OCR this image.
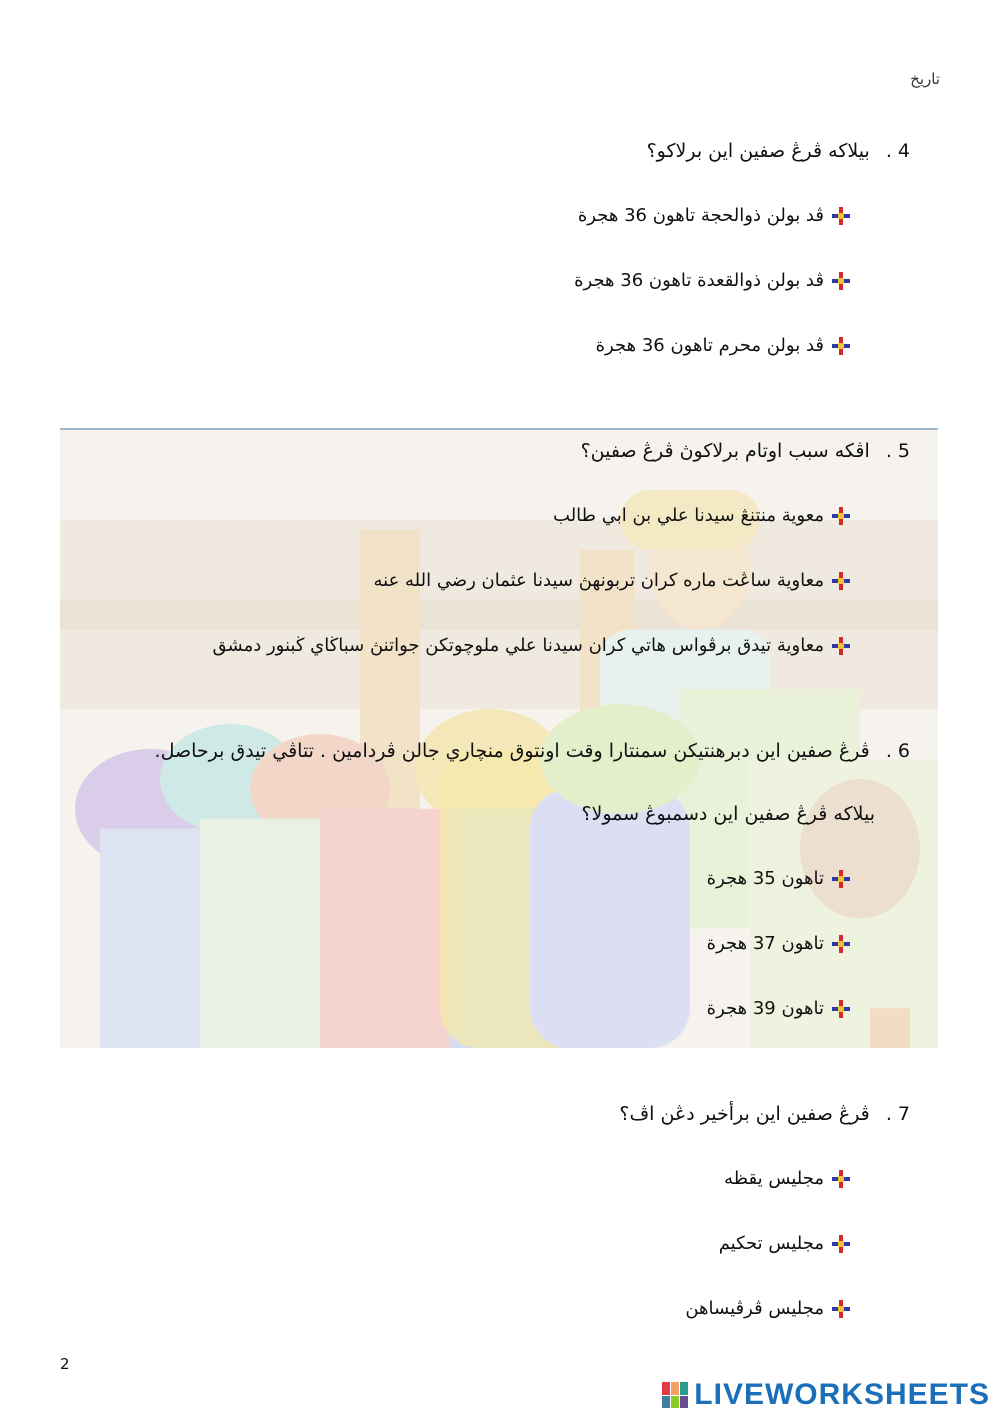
تاريخ
4 . بيلاكه ڤرڠ صفين اين برلاكو؟
ڤد بولن ذوالحجة تاهون 36 هجرة
ڤد بولن ذوالقعدة تاهون 36 هجرة
ڤد بولن محرم تاهون 36 هجرة
5 . اڤكه سبب اوتام برلاكوڽ ڤرڠ صفين؟
معوية منتنڠ سيدنا علي بن ابي طالب
معاوية ساڠت ماره كران تربونهڽ سيدنا عثمان رضي الله عنه
معاوية تيدق برڤواس هاتي كران سيدنا علي ملوچوتكن جواتنڽ سباڬاي ڬبنور دمشق
6 . ڤرڠ صفين اين دبرهنتيكن سمنتارا وقت اونتوق منچاري جالن ڤردامين . تتاڤي تيدق برحاصل.
بيلاكه ڤرڠ صفين اين دسمبوڠ سمولا؟
تاهون 35 هجرة
تاهون 37 هجرة
تاهون 39 هجرة
7 . ڤرڠ صفين اين برأخير دڠن اڤ؟
مجليس يقظه
مجليس تحكيم
مجليس ڤرڤيساهن
2
LIVEWORKSHEETS
